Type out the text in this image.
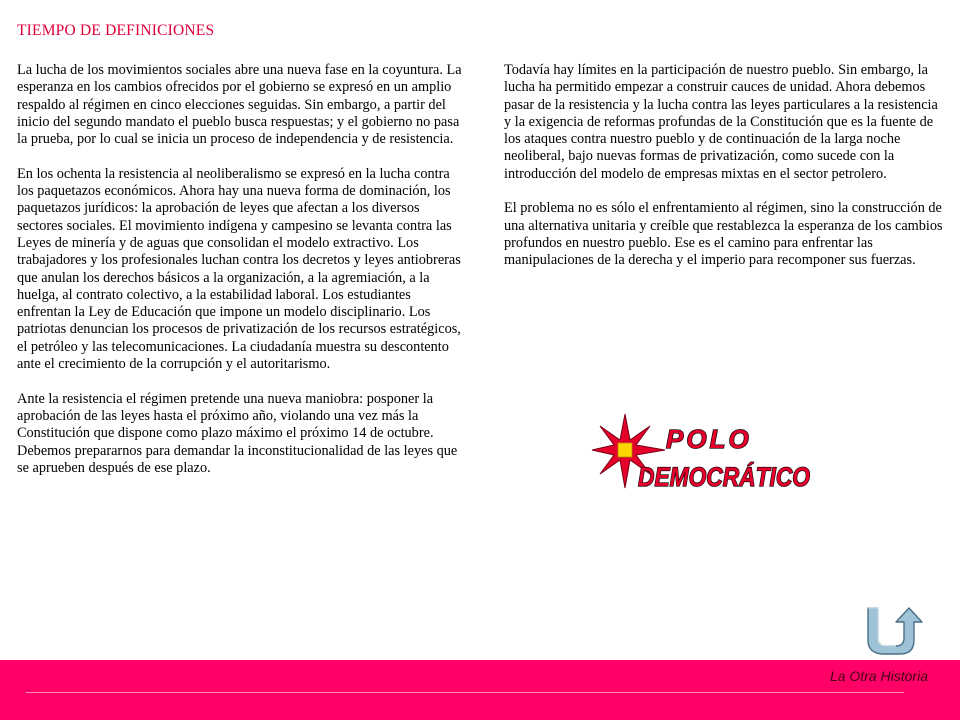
TIEMPO DE DEFINICIONES

La lucha de los movimientos sociales abre una nueva fase en la coyuntura. La esperanza en los cambios ofrecidos por el gobierno se expresó en un amplio respaldo al régimen en cinco elecciones seguidas. Sin embargo, a partir del inicio del segundo mandato el pueblo busca respuestas; y el gobierno no pasa la prueba, por lo cual se inicia un proceso de independencia y de resistencia.

En los ochenta la resistencia al neoliberalismo se expresó en la lucha contra los paquetazos económicos. Ahora hay una nueva forma de dominación, los paquetazos jurídicos: la aprobación de leyes que afectan a los diversos sectores sociales. El movimiento indígena y campesino se levanta contra las Leyes de minería y de aguas que consolidan el modelo extractivo. Los trabajadores y los profesionales luchan contra los decretos y leyes antiobreras que anulan los derechos básicos a la organización, a la agremiación, a la huelga, al contrato colectivo, a la estabilidad laboral. Los estudiantes enfrentan la Ley de Educación que impone un modelo disciplinario. Los patriotas denuncian los procesos de privatización de los recursos estratégicos, el petróleo y las telecomunicaciones. La ciudadanía muestra su descontento ante el crecimiento de la corrupción y el autoritarismo.

Ante la resistencia el régimen pretende una nueva maniobra: posponer la aprobación de las leyes hasta el próximo año, violando una vez más la Constitución que dispone como plazo máximo el próximo 14 de octubre. Debemos prepararnos para demandar la inconstitucionalidad de las leyes que se aprueben después de ese plazo.

Todavía hay límites en la participación de nuestro pueblo. Sin embargo, la lucha ha permitido empezar a construir cauces de unidad. Ahora debemos pasar de la resistencia y la lucha contra las leyes particulares a la resistencia y la exigencia de reformas profundas de la Constitución que es la fuente de los ataques contra nuestro pueblo y de continuación de la larga noche neoliberal, bajo nuevas formas de privatización, como sucede con la introducción del modelo de empresas mixtas en el sector petrolero.

El problema no es sólo el enfrentamiento al régimen, sino la construcción de una alternativa unitaria y creíble que restablezca la esperanza de los cambios profundos en nuestro pueblo. Ese es el camino para enfrentar las manipulaciones de la derecha y el imperio para recomponer sus fuerzas.

POLO
DEMOCRÁTICO
La Otra Historia
